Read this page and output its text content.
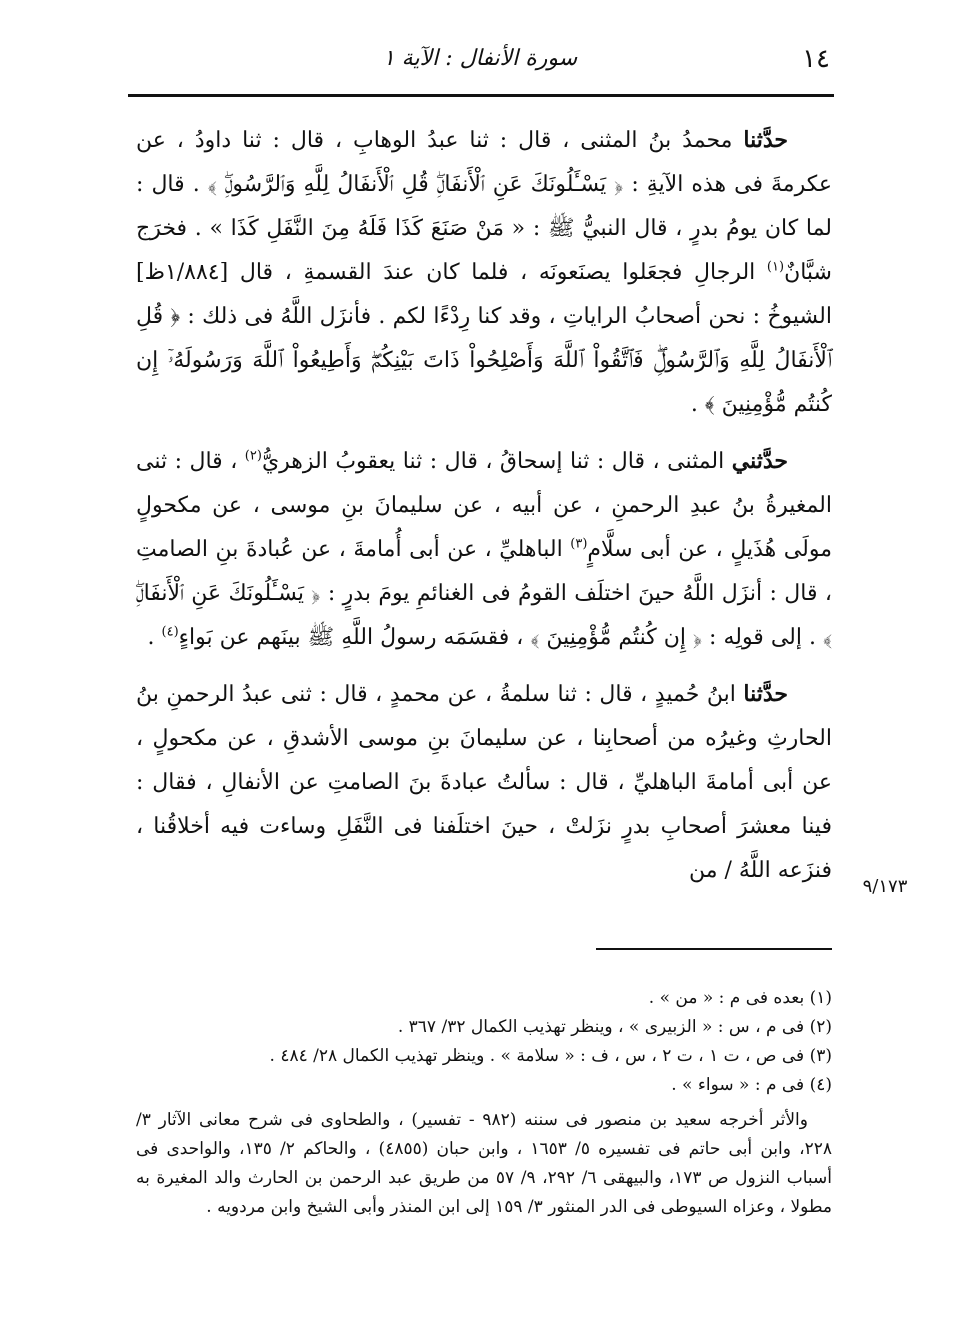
١٤
سورة الأنفال : الآية ١

حدَّثنا محمدُ بنُ المثنى ، قال : ثنا عبدُ الوهابِ ، قال : ثنا داودُ ، عن عكرمةَ فى هذه الآيةِ : ﴿ يَسْـَٔلُونَكَ عَنِ ٱلْأَنفَالِۖ قُلِ ٱلْأَنفَالُ لِلَّهِ وَٱلرَّسُولِۖ ﴾ . قال : لما كان يومُ بدرٍ ، قال النبيُّ ﷺ : « مَنْ صَنَعَ كَذَا فَلَهُ مِنَ النَّفَلِ كَذَا » . فخرَج شبَّانٌ$^{(١)}$ الرجالِ فجعَلوا يصنَعونَه ، فلما كان عندَ القسمةِ ، قال [١/٨٨٤ظ] الشيوخُ : نحن أصحابُ الراياتِ ، وقد كنا رِدْءًا لكم . فأنزَل اللَّهُ فى ذلك : ﴿ قُلِ ٱلْأَنفَالُ لِلَّهِ وَٱلرَّسُولِۖ فَٱتَّقُواْ ٱللَّهَ وَأَصْلِحُواْ ذَاتَ بَيْنِكُمْۖ وَأَطِيعُواْ ٱللَّهَ وَرَسُولَهُۥٓ إِن كُنتُم مُّؤْمِنِينَ ﴾ .

حدَّثني المثنى ، قال : ثنا إسحاقُ ، قال : ثنا يعقوبُ الزهريُّ$^{(٢)}$ ، قال : ثنى المغيرةُ بنُ عبدِ الرحمنِ ، عن أبيه ، عن سليمانَ بنِ موسى ، عن مكحولٍ مولَى هُذَيلٍ ، عن أبى سلَّامٍ$^{(٣)}$ الباهليِّ ، عن أبى أُمامةَ ، عن عُبادةَ بنِ الصامتِ ، قال : أنزَل اللَّهُ حينَ اختلَف القومُ فى الغنائمِ يومَ بدرٍ : ﴿ يَسْـَٔلُونَكَ عَنِ ٱلْأَنفَالِۖ ﴾ . إلى قولِه : ﴿ إِن كُنتُم مُّؤْمِنِينَ ﴾ ، فقسَمَه رسولُ اللَّهِ ﷺ بينَهم عن بَواءٍ$^{(٤)}$ .

حدَّثنا ابنُ حُميدٍ ، قال : ثنا سلمةُ ، عن محمدٍ ، قال : ثنى عبدُ الرحمنِ بنُ الحارثِ وغيرُه من أصحابِنا ، عن سليمانَ بنِ موسى الأشدقِ ، عن مكحولٍ ، عن أبى أمامةَ الباهليِّ ، قال : سألتُ عبادةَ بنَ الصامتِ عن الأنفالِ ، فقال : فينا معشرَ أصحابِ بدرٍ نزَلتْ ، حينَ اختلَفنا فى النَّفَلِ وساءت فيه أخلاقُنا ، فنزَعه اللَّهُ / من

٩/١٧٣

(١) بعده فى م : « من » .

(٢) فى م ، س : « الزبيرى » ، وينظر تهذيب الكمال ٣٢/ ٣٦٧ .

(٣) فى ص ، ت ١ ، ت ٢ ، س ، ف : « سلامة » . وينظر تهذيب الكمال ٢٨/ ٤٨٤ .

(٤) فى م : « سواء » .

والأثر أخرجه سعيد بن منصور فى سننه (٩٨٢ - تفسير) ، والطحاوى فى شرح معانى الآثار ٣/ ٢٢٨، وابن أبى حاتم فى تفسيره ٥/ ١٦٥٣ ، وابن حبان (٤٨٥٥) ، والحاكم ٢/ ١٣٥، والواحدى فى أسباب النزول ص ١٧٣، والبيهقى ٦/ ٢٩٢، ٩/ ٥٧ من طريق عبد الرحمن بن الحارث والد المغيرة به مطولا ، وعزاه السيوطى فى الدر المنثور ٣/ ١٥٩ إلى ابن المنذر وأبى الشيخ وابن مردويه .
